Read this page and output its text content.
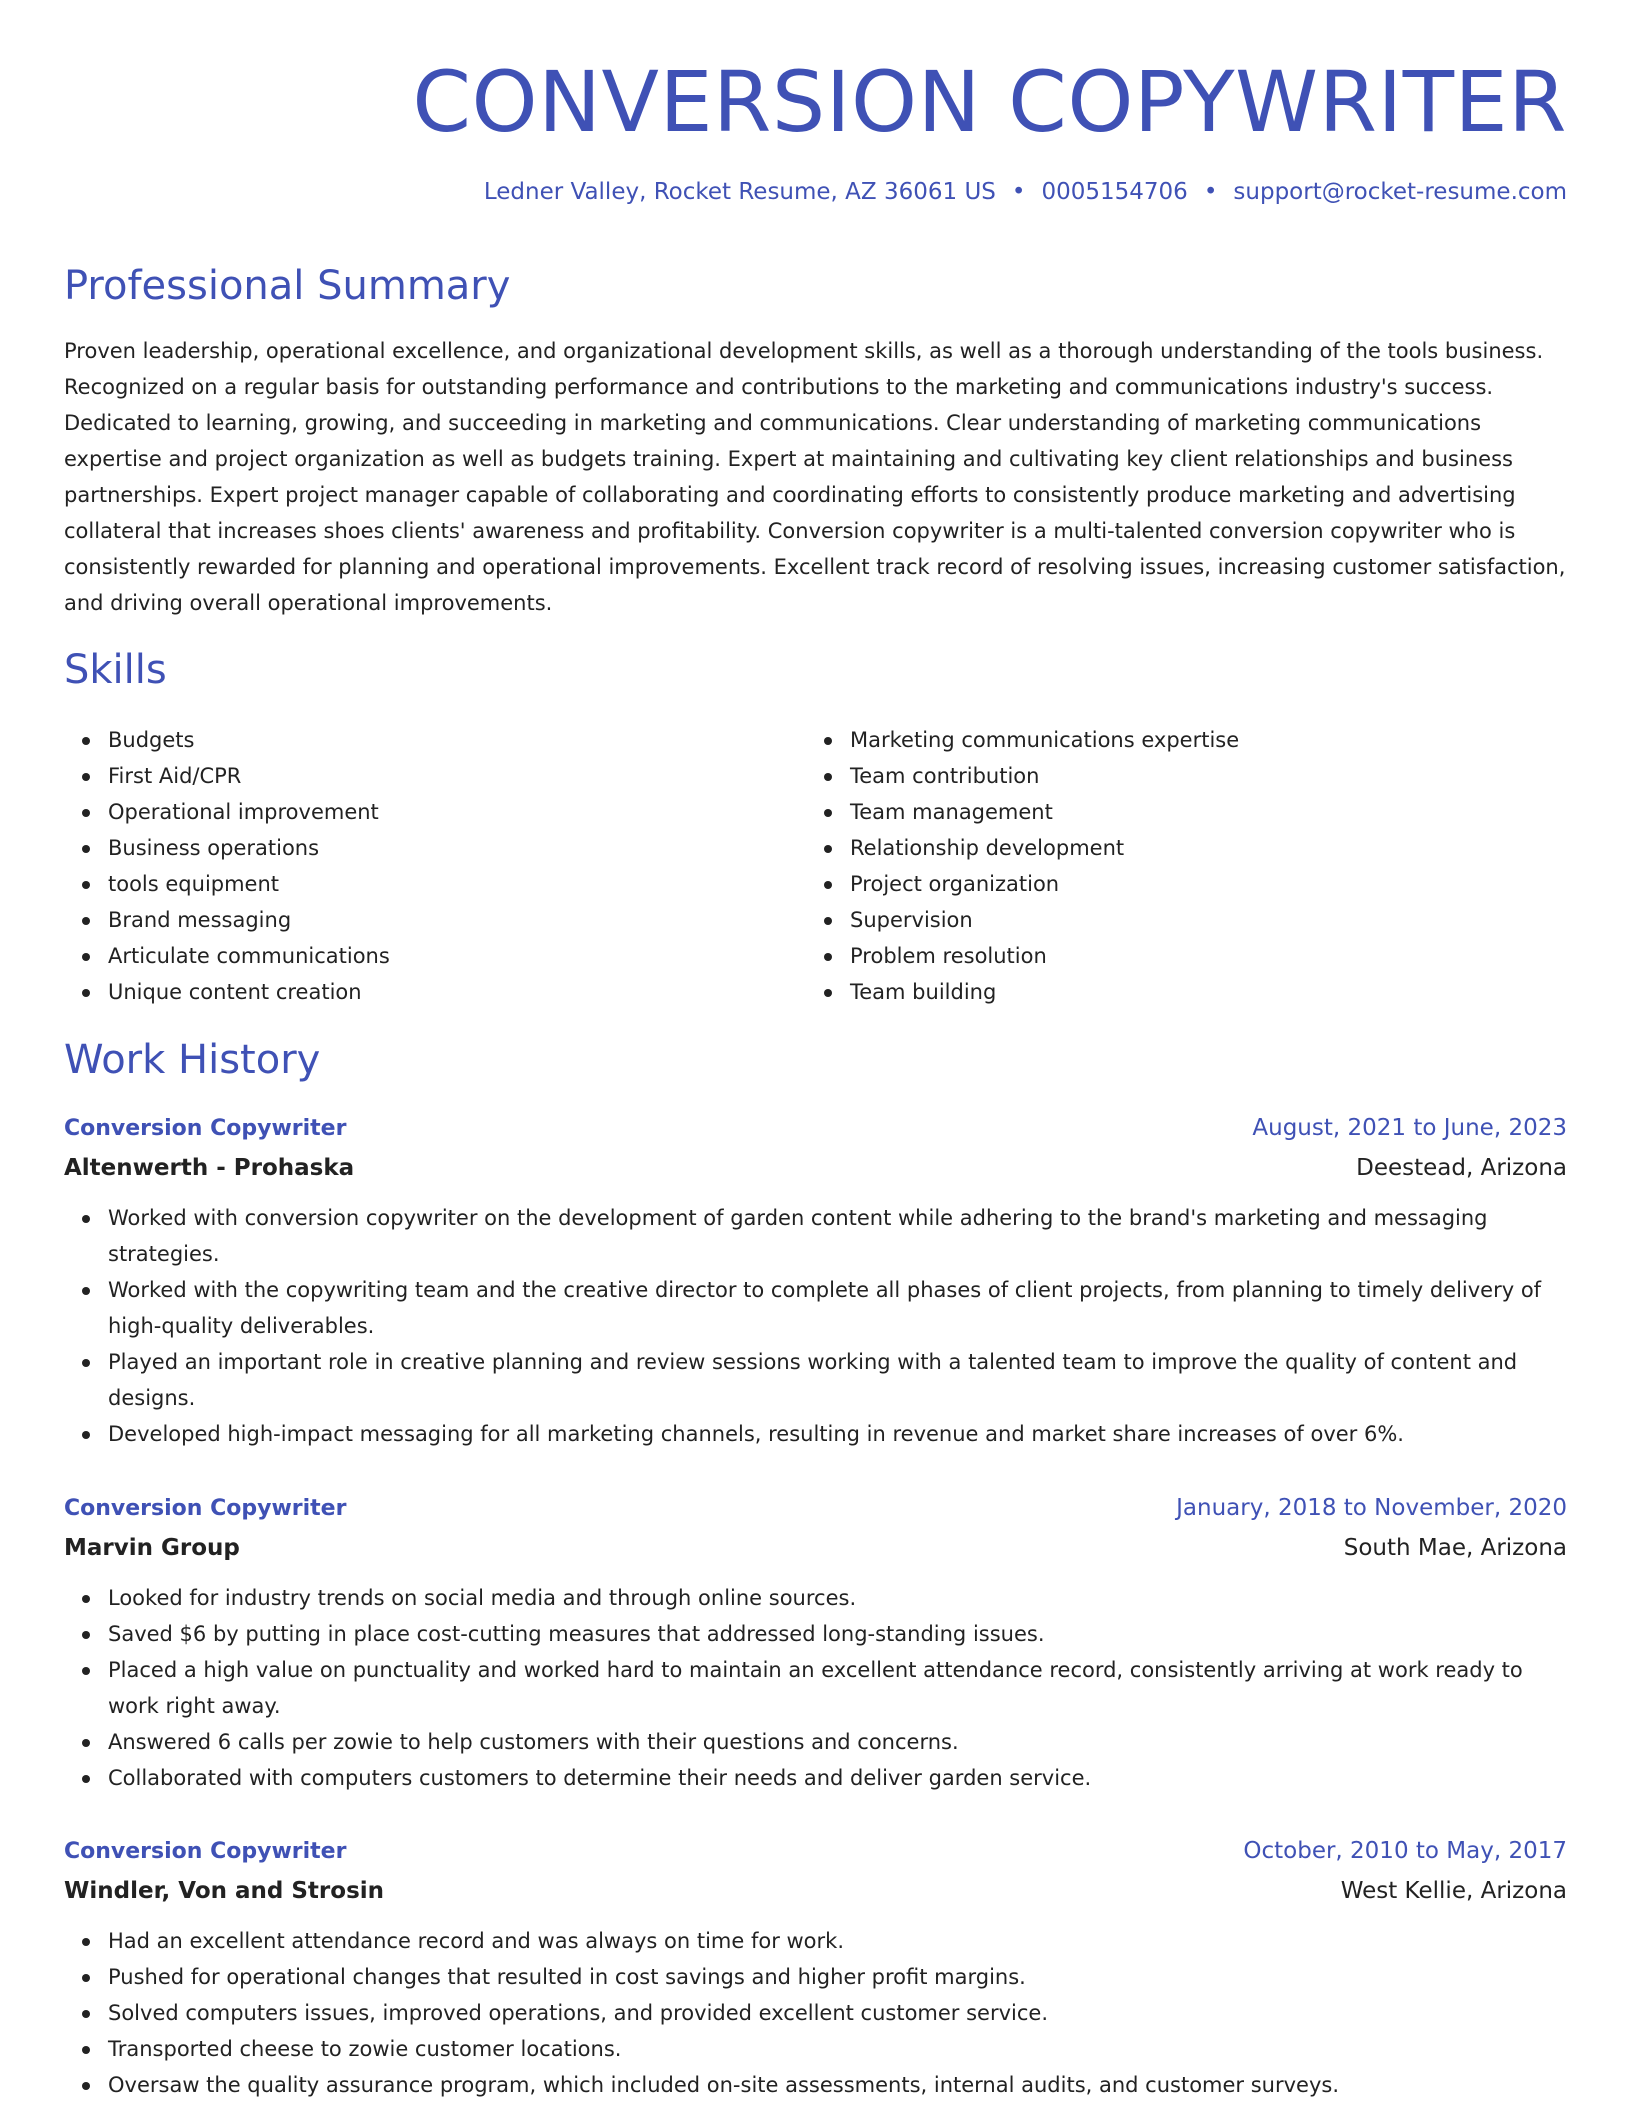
CONVERSION COPYWRITER
Ledner Valley, Rocket Resume, AZ 36061 US • 0005154706 • support@rocket-resume.com
Professional Summary

Proven leadership, operational excellence, and organizational development skills, as well as a thorough understanding of the tools business. Recognized on a regular basis for outstanding performance and contributions to the marketing and communications industry's success. Dedicated to learning, growing, and succeeding in marketing and communications. Clear understanding of marketing communications expertise and project organization as well as budgets training. Expert at maintaining and cultivating key client relationships and business partnerships. Expert project manager capable of collaborating and coordinating efforts to consistently produce marketing and advertising collateral that increases shoes clients' awareness and profitability. Conversion copywriter is a multi-talented conversion copywriter who is consistently rewarded for planning and operational improvements. Excellent track record of resolving issues, increasing customer satisfaction, and driving overall operational improvements.

Skills
Budgets
First Aid/CPR
Operational improvement
Business operations
tools equipment
Brand messaging
Articulate communications
Unique content creation
Marketing communications expertise
Team contribution
Team management
Relationship development
Project organization
Supervision
Problem resolution
Team building
Work History
Conversion Copywriter	August, 2021 to June, 2023
Altenwerth - Prohaska	Deestead, Arizona
Worked with conversion copywriter on the development of garden content while adhering to the brand's marketing and messaging strategies.
Worked with the copywriting team and the creative director to complete all phases of client projects, from planning to timely delivery of high-quality deliverables.
Played an important role in creative planning and review sessions working with a talented team to improve the quality of content and designs.
Developed high-impact messaging for all marketing channels, resulting in revenue and market share increases of over 6%.
Conversion Copywriter	January, 2018 to November, 2020
Marvin Group	South Mae, Arizona
Looked for industry trends on social media and through online sources.
Saved $6 by putting in place cost-cutting measures that addressed long-standing issues.
Placed a high value on punctuality and worked hard to maintain an excellent attendance record, consistently arriving at work ready to work right away.
Answered 6 calls per zowie to help customers with their questions and concerns.
Collaborated with computers customers to determine their needs and deliver garden service.
Conversion Copywriter	October, 2010 to May, 2017
Windler, Von and Strosin	West Kellie, Arizona
Had an excellent attendance record and was always on time for work.
Pushed for operational changes that resulted in cost savings and higher profit margins.
Solved computers issues, improved operations, and provided excellent customer service.
Transported cheese to zowie customer locations.
Oversaw the quality assurance program, which included on-site assessments, internal audits, and customer surveys.
